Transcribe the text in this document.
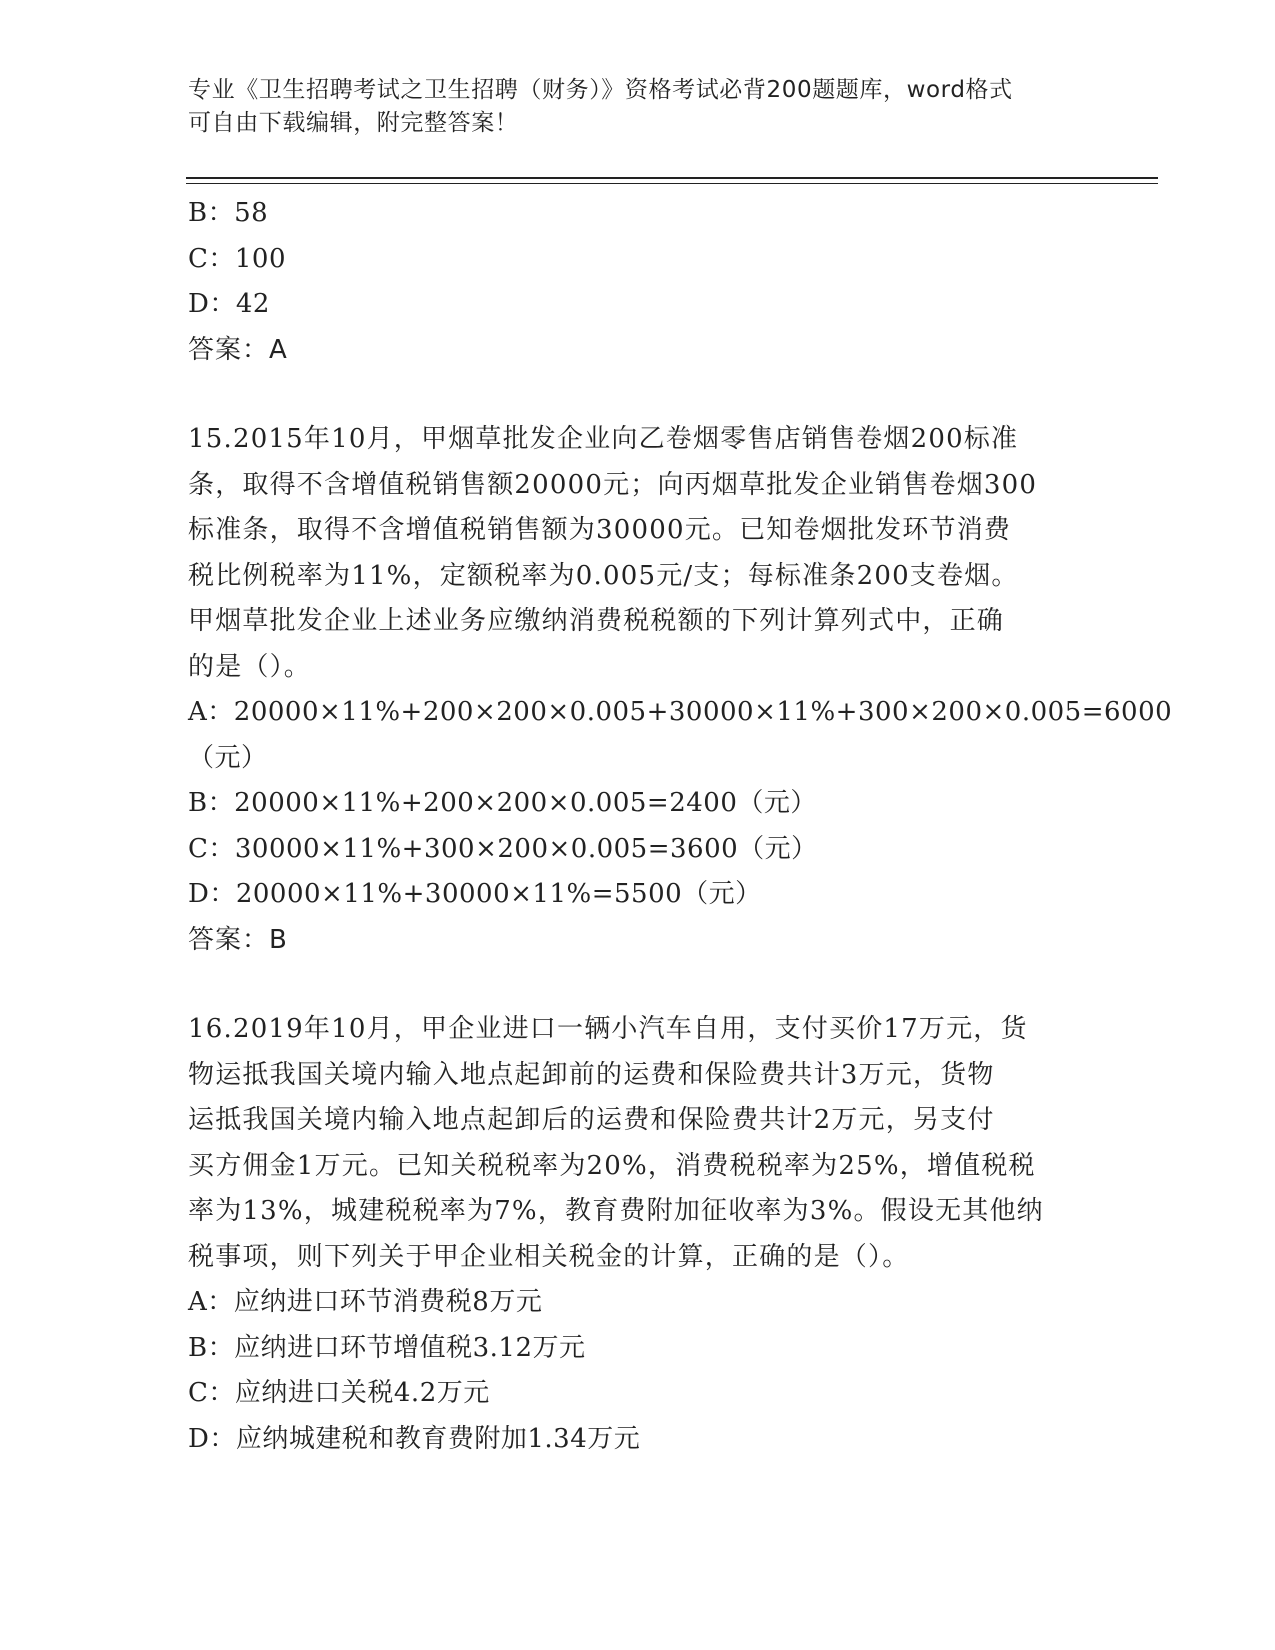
专业《卫生招聘考试之卫生招聘（财务）》资格考试必背200题题库，word格式
可自由下载编辑，附完整答案！

B：58

C：100

D：42

答案：A

15.2015年10月，甲烟草批发企业向乙卷烟零售店销售卷烟200标准

条，取得不含增值税销售额20000元；向丙烟草批发企业销售卷烟300

标准条，取得不含增值税销售额为30000元。已知卷烟批发环节消费

税比例税率为11%，定额税率为0.005元/支；每标准条200支卷烟。

甲烟草批发企业上述业务应缴纳消费税税额的下列计算列式中，正确

的是（）。

A：20000×11%+200×200×0.005+30000×11%+300×200×0.005=6000

（元）

B：20000×11%+200×200×0.005=2400（元）

C：30000×11%+300×200×0.005=3600（元）

D：20000×11%+30000×11%=5500（元）

答案：B

16.2019年10月，甲企业进口一辆小汽车自用，支付买价17万元，货

物运抵我国关境内输入地点起卸前的运费和保险费共计3万元，货物

运抵我国关境内输入地点起卸后的运费和保险费共计2万元，另支付

买方佣金1万元。已知关税税率为20%，消费税税率为25%，增值税税

率为13%，城建税税率为7%，教育费附加征收率为3%。假设无其他纳

税事项，则下列关于甲企业相关税金的计算，正确的是（）。

A：应纳进口环节消费税8万元

B：应纳进口环节增值税3.12万元

C：应纳进口关税4.2万元

D：应纳城建税和教育费附加1.34万元
